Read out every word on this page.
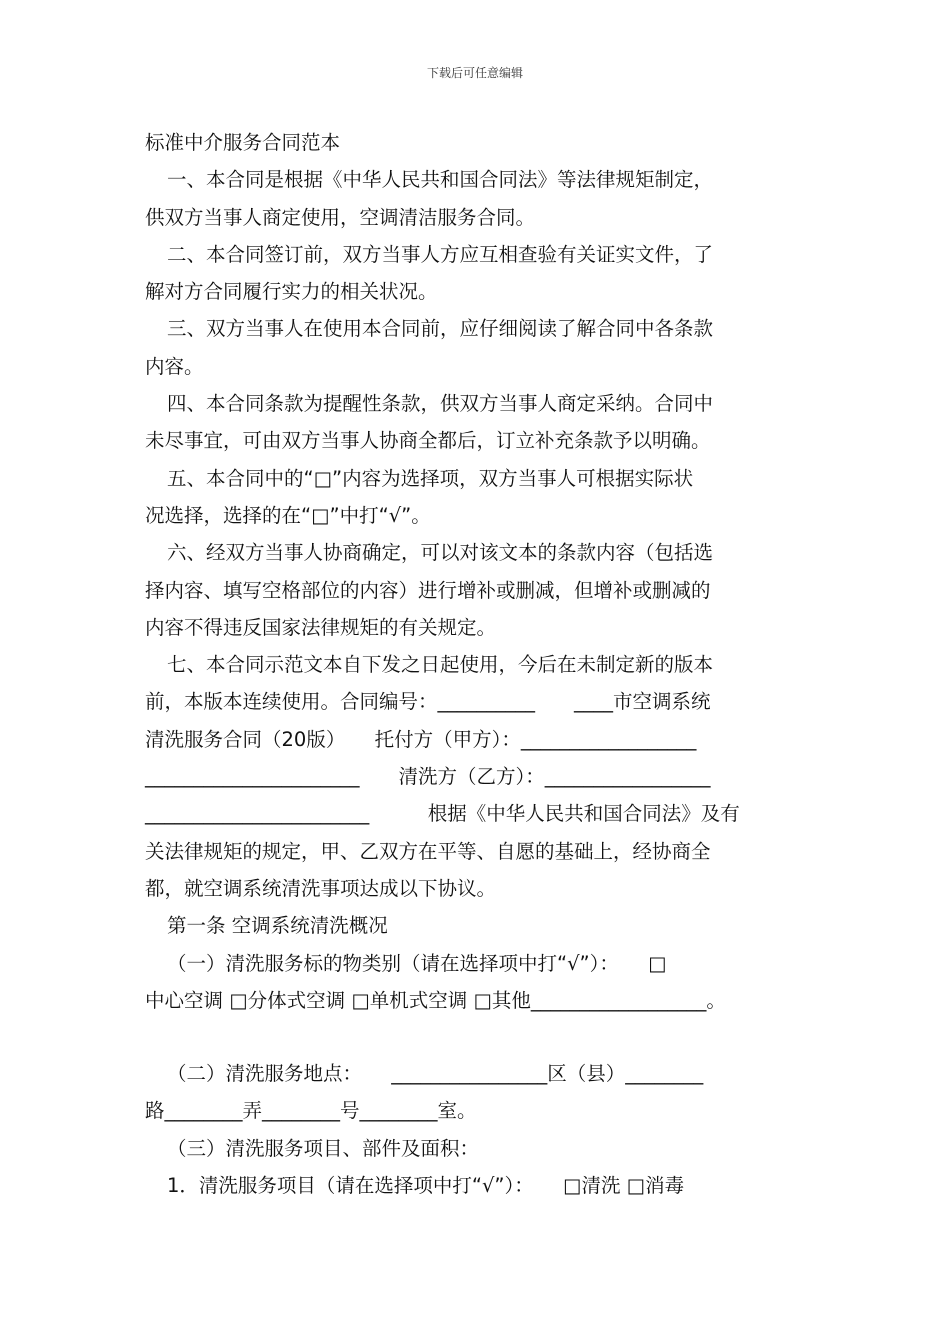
下载后可任意编辑
标准中介服务合同范本
一、本合同是根据《中华人民共和国合同法》等法律规矩制定，
供双方当事人商定使用，空调清洁服务合同。
二、本合同签订前，双方当事人方应互相查验有关证实文件，了
解对方合同履行实力的相关状况。
三、双方当事人在使用本合同前，应仔细阅读了解合同中各条款
内容。
四、本合同条款为提醒性条款，供双方当事人商定采纳。合同中
未尽事宜，可由双方当事人协商全都后，订立补充条款予以明确。
五、本合同中的“□”内容为选择项，双方当事人可根据实际状
况选择，选择的在“□”中打“√”。
六、经双方当事人协商确定，可以对该文本的条款内容（包括选
择内容、填写空格部位的内容）进行增补或删减，但增补或删减的
内容不得违反国家法律规矩的有关规定。
七、本合同示范文本自下发之日起使用，今后在未制定新的版本
前，本版本连续使用。合同编号：__________　　____市空调系统
清洗服务合同（20版）　　托付方（甲方）：__________________
______________________　　清洗方（乙方）：_________________
_______________________　　　根据《中华人民共和国合同法》及有
关法律规矩的规定，甲、乙双方在平等、自愿的基础上，经协商全
都，就空调系统清洗事项达成以下协议。
第一条 空调系统清洗概况
（一）清洗服务标的物类别（请在选择项中打“√”）：　　□
中心空调 □分体式空调 □单机式空调 □其他__________________。
（二）清洗服务地点：　　________________区（县）________
路________弄________号________室。
（三）清洗服务项目、部件及面积：
1．清洗服务项目（请在选择项中打“√”）：　　□清洗 □消毒
